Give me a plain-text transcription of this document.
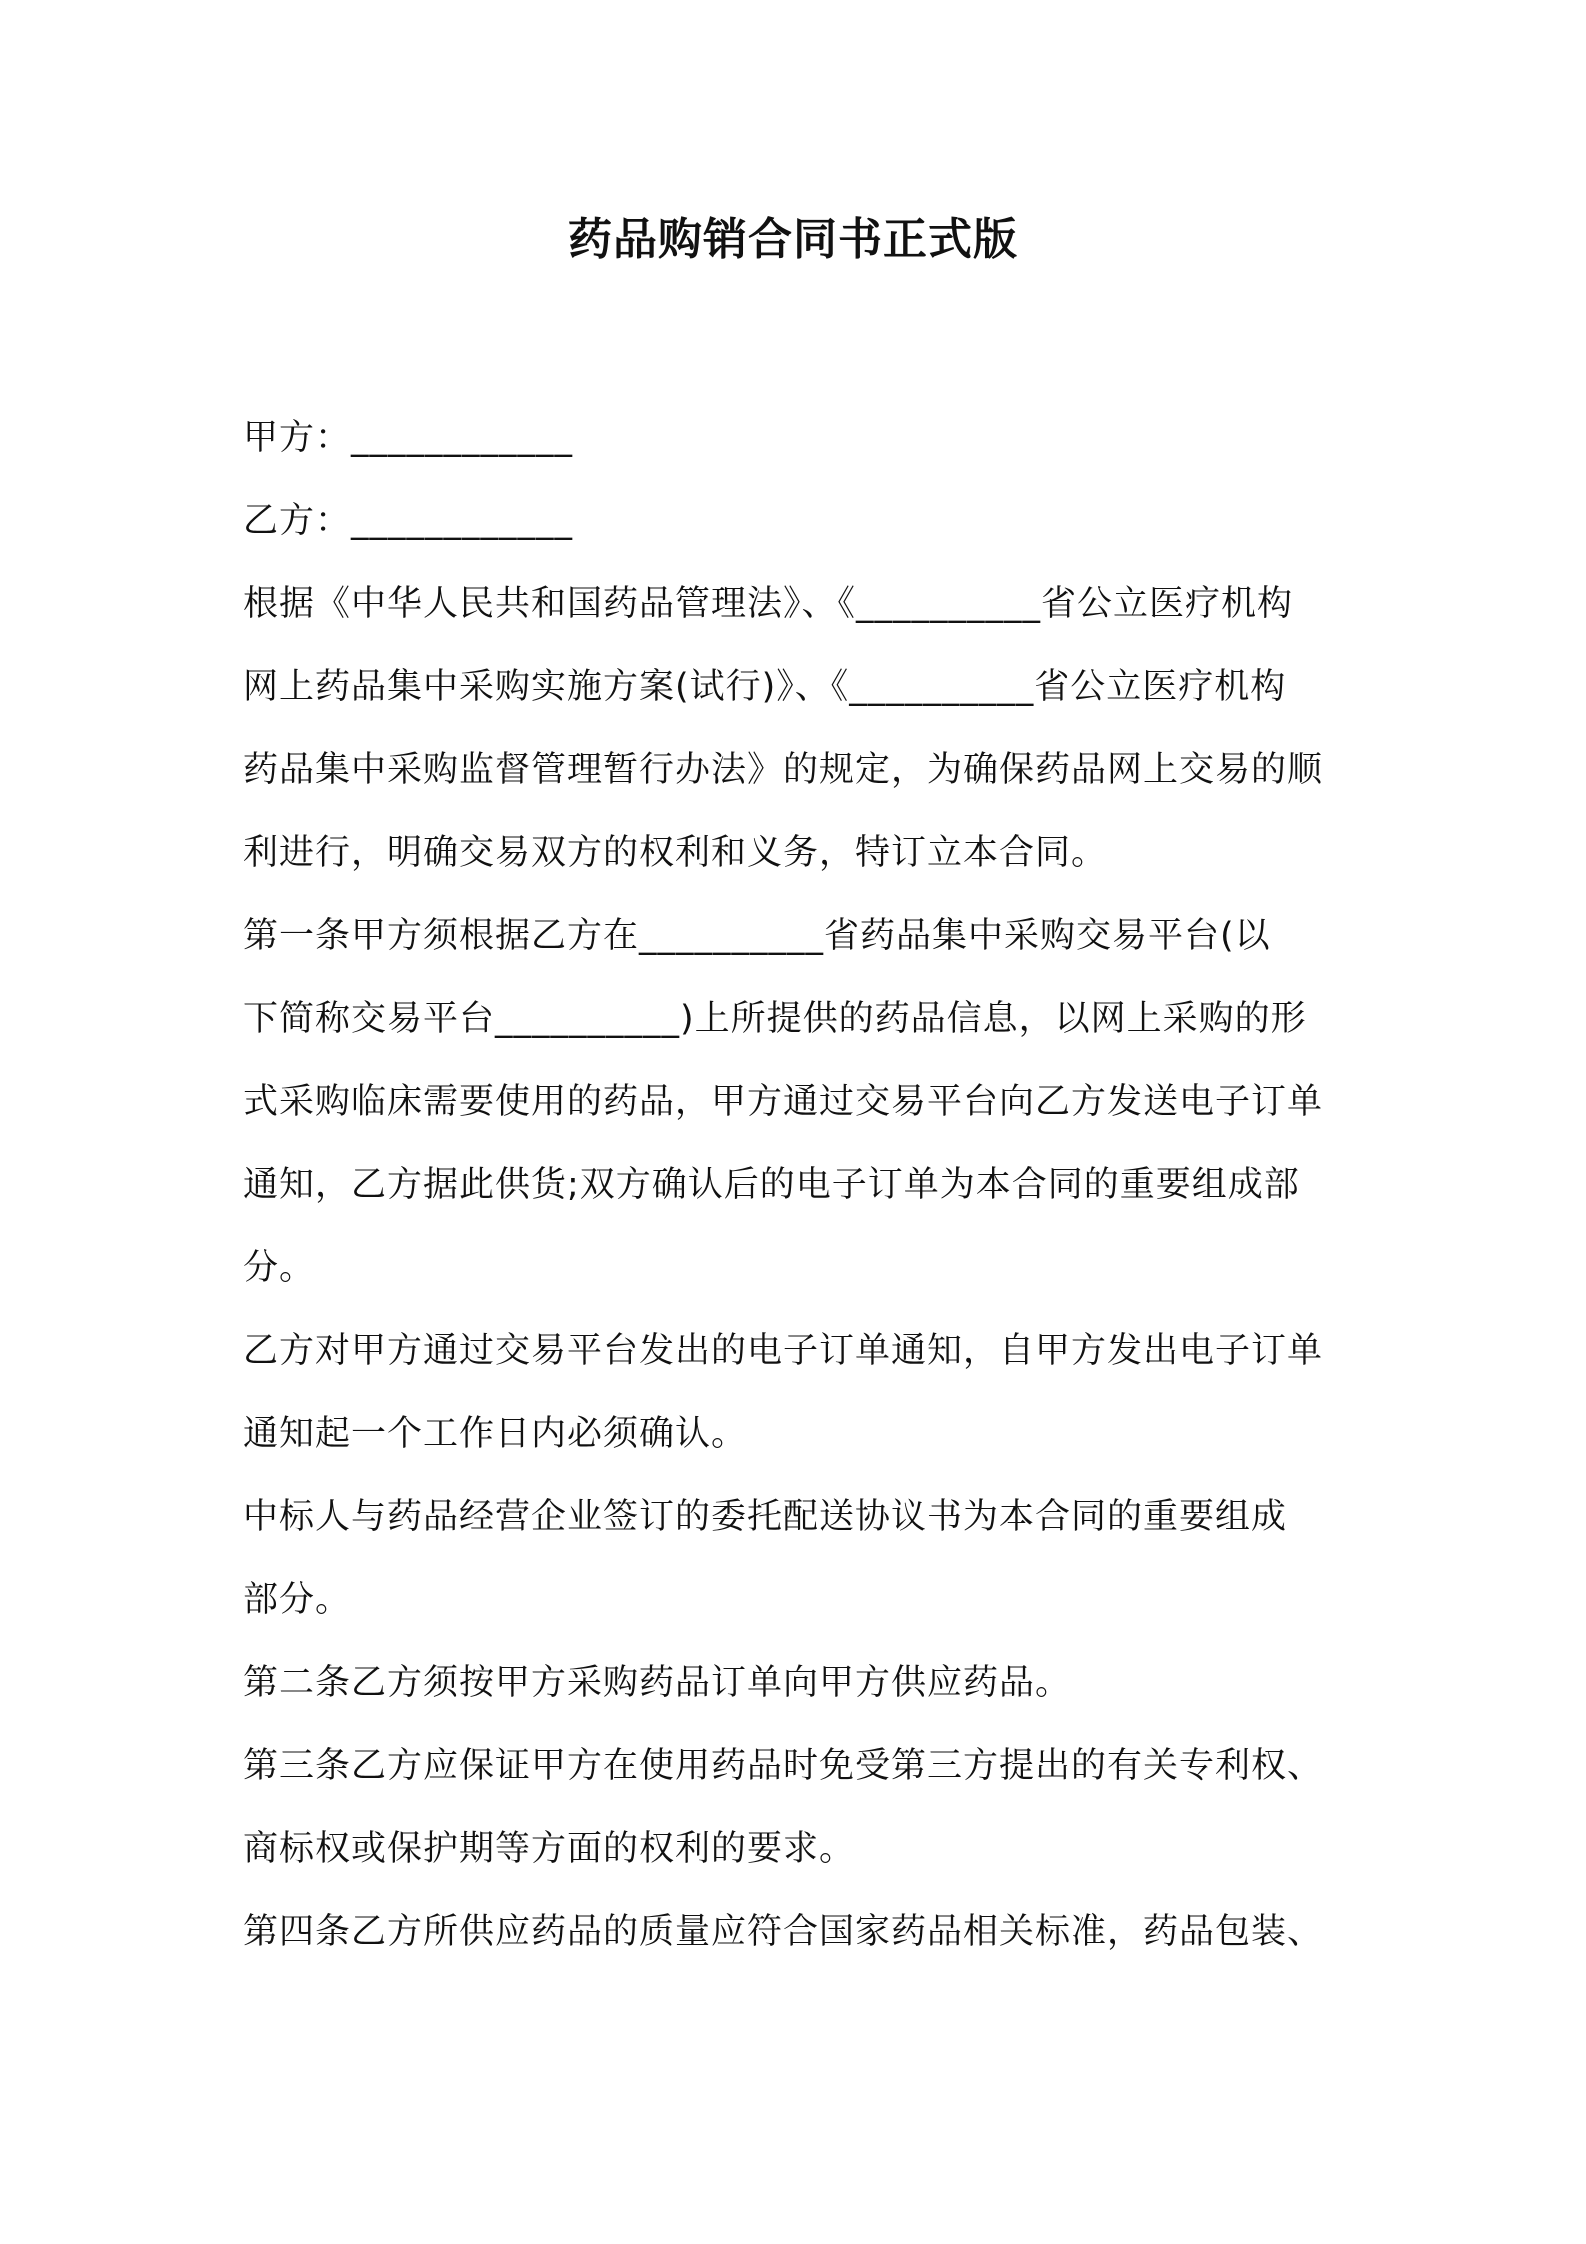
药品购销合同书正式版
甲方：____________
乙方：____________
根据《中华人民共和国药品管理法》、《__________省公立医疗机构
网上药品集中采购实施方案(试行)》、《__________省公立医疗机构
药品集中采购监督管理暂行办法》的规定，为确保药品网上交易的顺
利进行，明确交易双方的权利和义务，特订立本合同。
第一条甲方须根据乙方在__________省药品集中采购交易平台(以
下简称交易平台__________)上所提供的药品信息，以网上采购的形
式采购临床需要使用的药品，甲方通过交易平台向乙方发送电子订单
通知，乙方据此供货;双方确认后的电子订单为本合同的重要组成部
分。
乙方对甲方通过交易平台发出的电子订单通知，自甲方发出电子订单
通知起一个工作日内必须确认。
中标人与药品经营企业签订的委托配送协议书为本合同的重要组成
部分。
第二条乙方须按甲方采购药品订单向甲方供应药品。
第三条乙方应保证甲方在使用药品时免受第三方提出的有关专利权、
商标权或保护期等方面的权利的要求。
第四条乙方所供应药品的质量应符合国家药品相关标准，药品包装、
